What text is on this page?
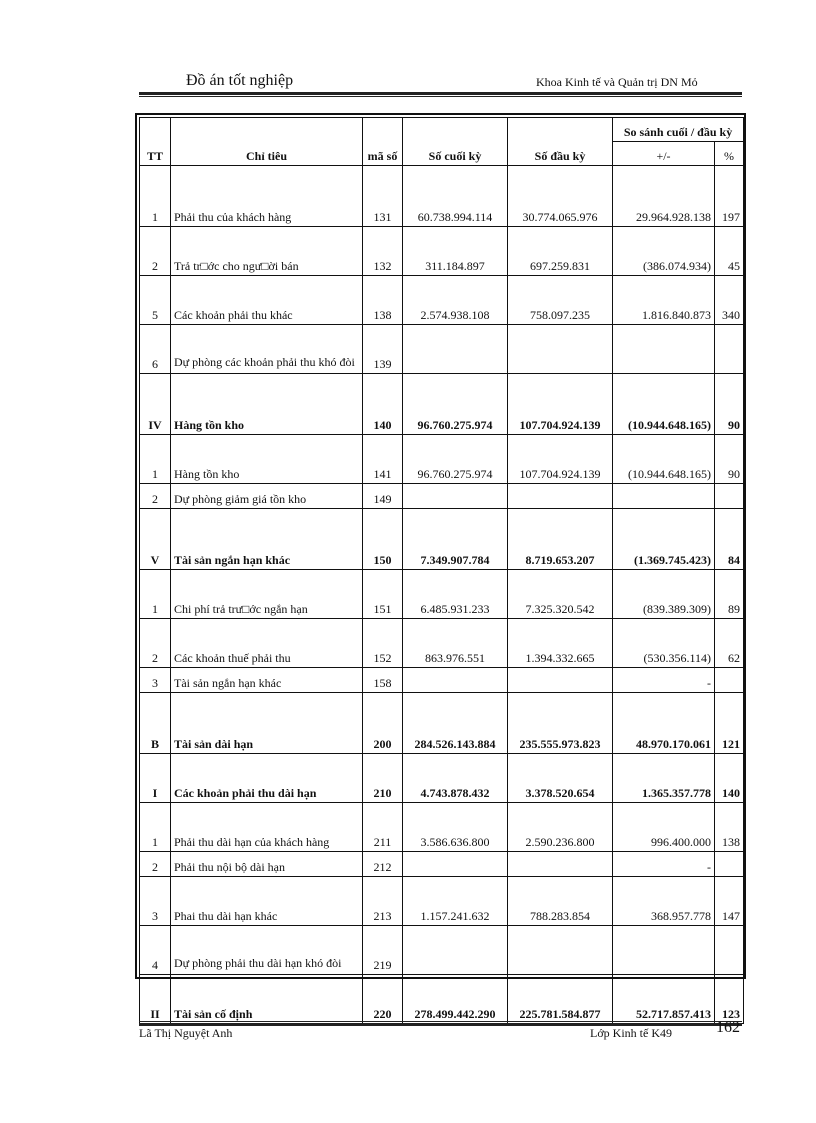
Đồ án tốt nghiệp	Khoa Kinh tế và Quản trị DN Mỏ
TT	Chỉ tiêu	mã số	Số cuối kỳ	Số đầu kỳ	So sánh cuối / đầu kỳ	
					+/-	%
1	Phải thu của khách hàng	131	60.738.994.114	30.774.065.976	29.964.928.138	197
2	Trả tr□ớc cho ngư□ời bán	132	311.184.897	697.259.831	(386.074.934)	45
5	Các khoản phải thu khác	138	2.574.938.108	758.097.235	1.816.840.873	340
6	Dự phòng các khoản phải thu khó đòi	139				
IV	Hàng tồn kho	140	96.760.275.974	107.704.924.139	(10.944.648.165)	90
1	Hàng tồn kho	141	96.760.275.974	107.704.924.139	(10.944.648.165)	90
2	Dự phòng giảm giá tồn kho	149				
V	Tài sản ngắn hạn khác	150	7.349.907.784	8.719.653.207	(1.369.745.423)	84
1	Chi phí trả trư□ớc ngắn hạn	151	6.485.931.233	7.325.320.542	(839.389.309)	89
2	Các khoản thuế phải thu	152	863.976.551	1.394.332.665	(530.356.114)	62
3	Tài sản ngắn hạn khác	158			-	
B	Tài sản dài hạn	200	284.526.143.884	235.555.973.823	48.970.170.061	121
I	Các khoản phải thu dài hạn	210	4.743.878.432	3.378.520.654	1.365.357.778	140
1	Phải thu dài hạn của khách hàng	211	3.586.636.800	2.590.236.800	996.400.000	138
2	Phải thu nội bộ dài hạn	212			-	
3	Phai thu dài hạn khác	213	1.157.241.632	788.283.854	368.957.778	147
4	Dự phòng phải thu dài hạn khó đòi	219				
II	Tài sản cố định	220	278.499.442.290	225.781.584.877	52.717.857.413	123
Lã Thị Nguyệt Anh	Lớp Kinh tế K49	162
